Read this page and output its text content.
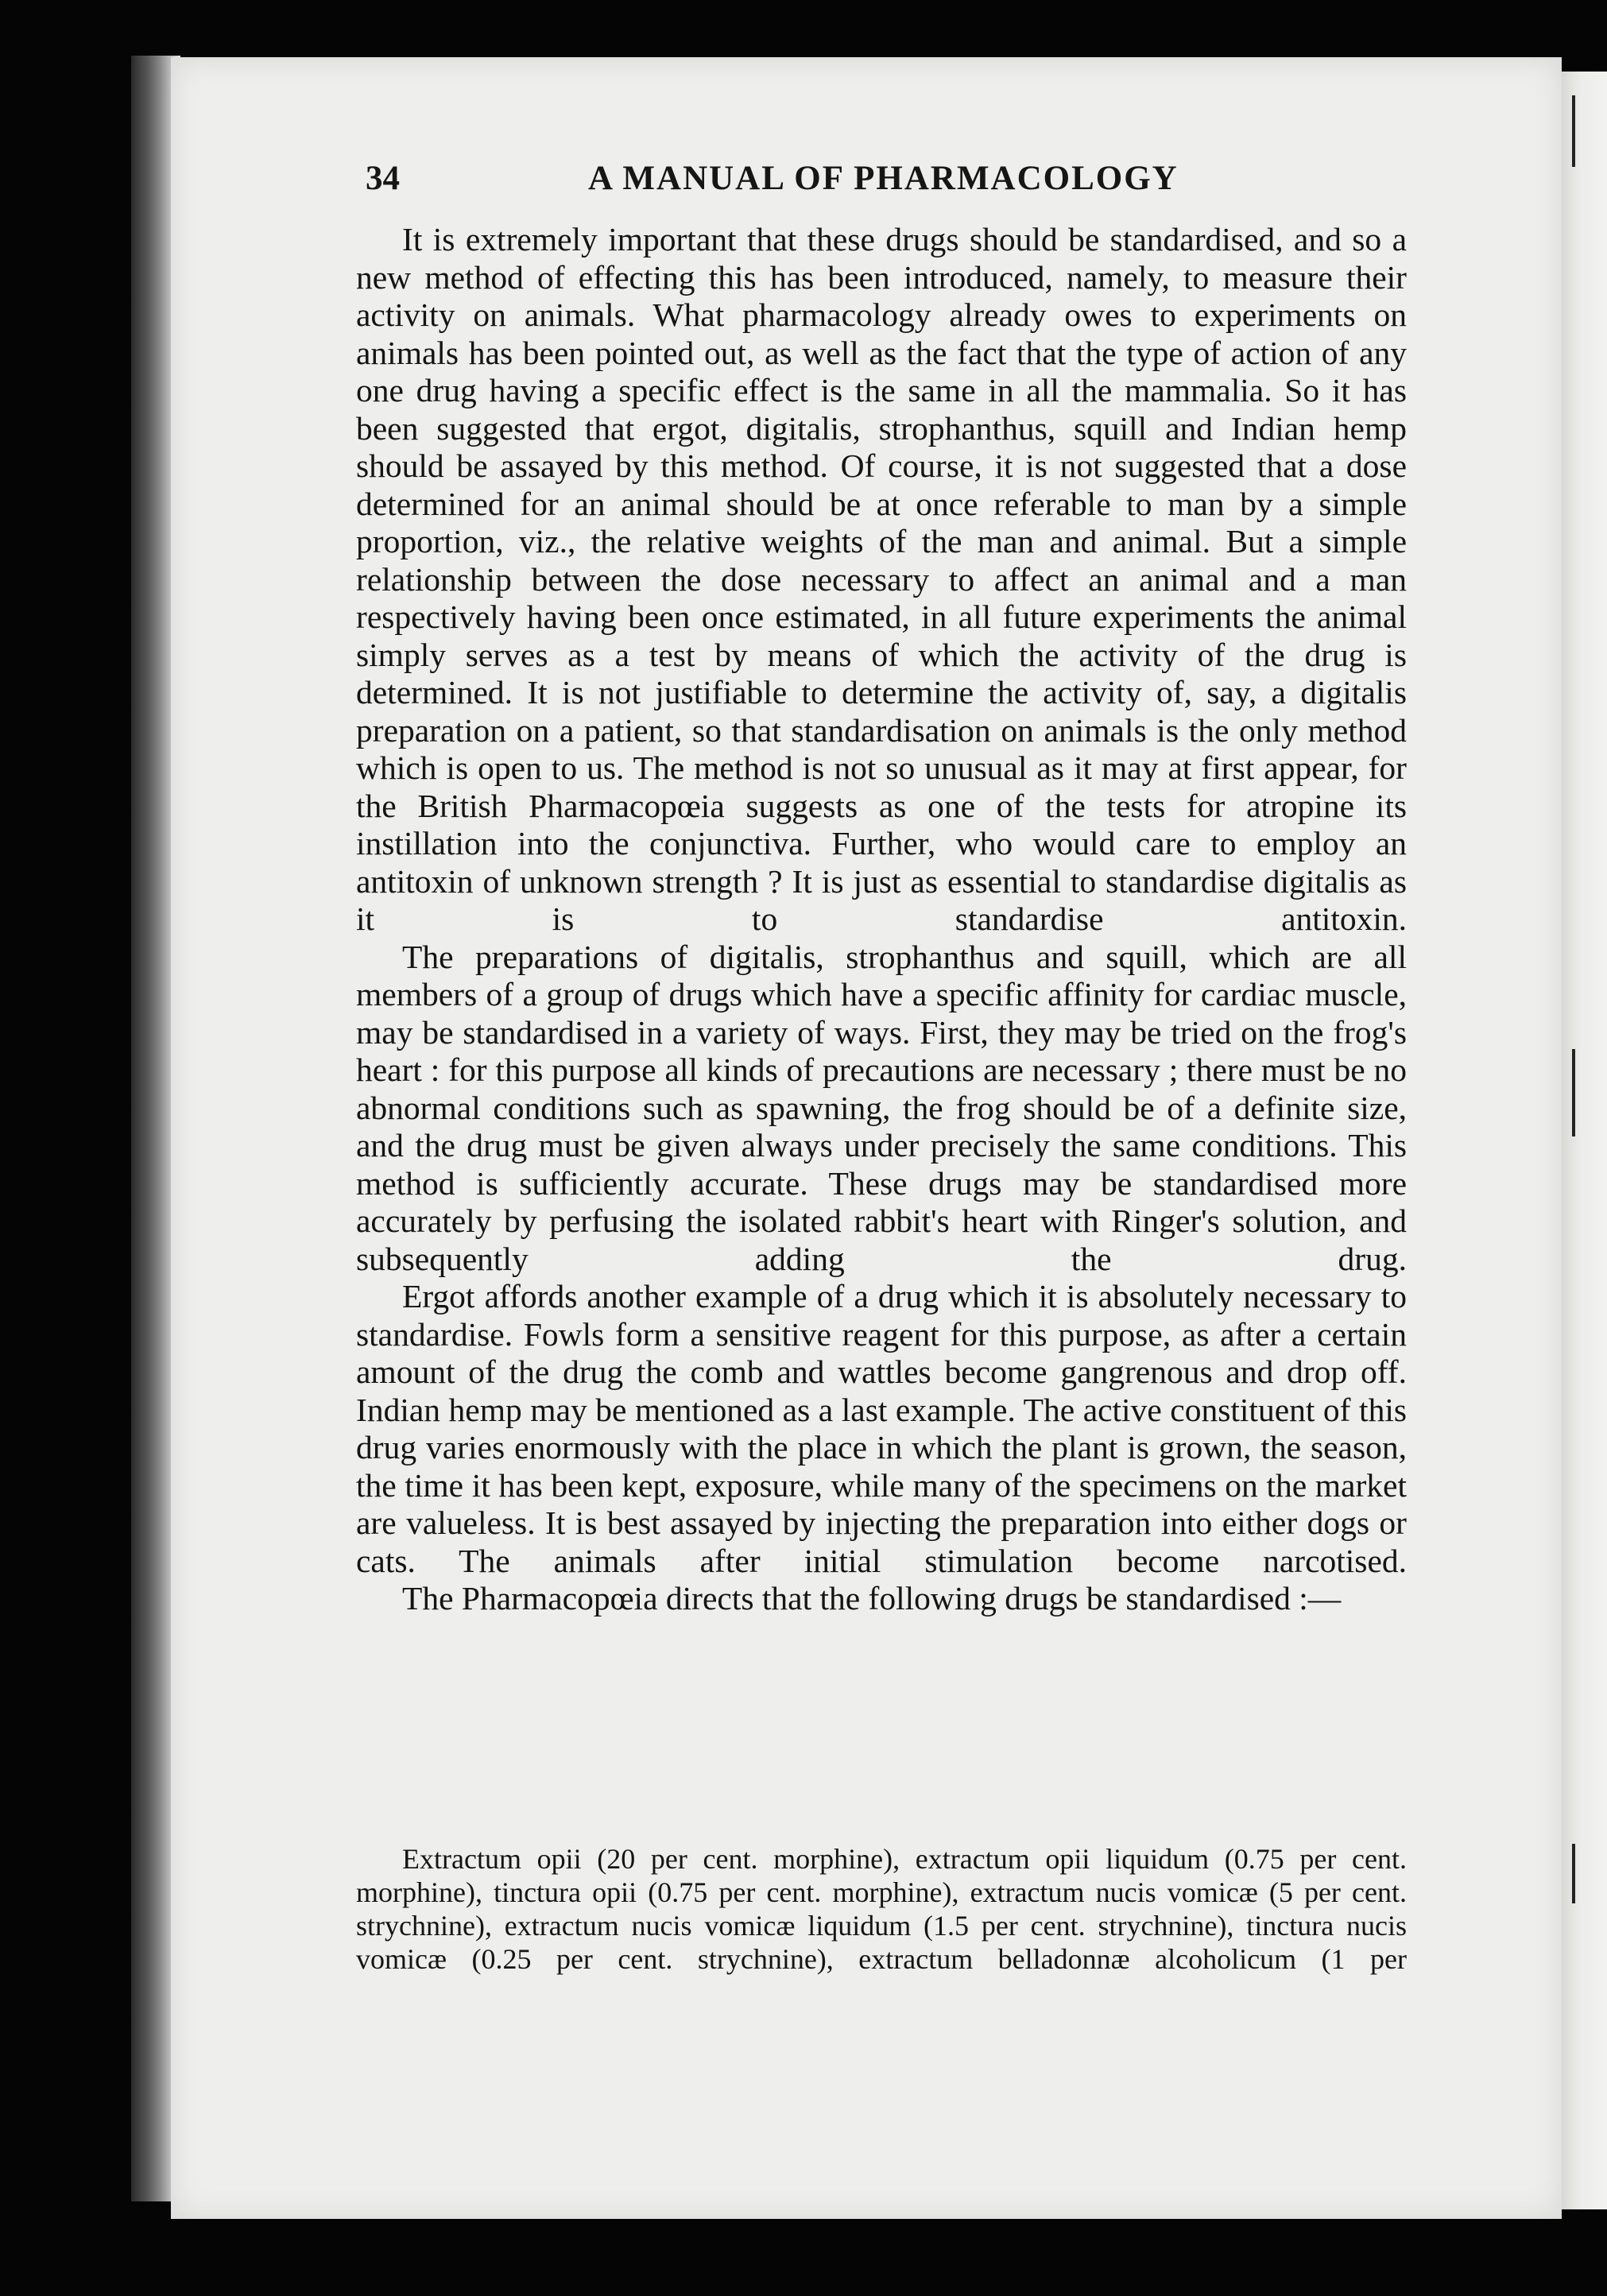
34	A MANUAL OF PHARMACOLOGY

It is extremely important that these drugs should be standardised, and so a new method of effecting this has been introduced, namely, to measure their activity on animals. What pharmacology already owes to experiments on animals has been pointed out, as well as the fact that the type of action of any one drug having a specific effect is the same in all the mammalia. So it has been suggested that ergot, digitalis, strophanthus, squill and Indian hemp should be assayed by this method. Of course, it is not suggested that a dose determined for an animal should be at once referable to man by a simple proportion, viz., the relative weights of the man and animal. But a simple relationship between the dose necessary to affect an animal and a man respectively having been once estimated, in all future experiments the animal simply serves as a test by means of which the activity of the drug is determined. It is not justifiable to determine the activity of, say, a digitalis preparation on a patient, so that standardisation on animals is the only method which is open to us. The method is not so unusual as it may at first appear, for the British Pharmacopœia suggests as one of the tests for atropine its instillation into the conjunctiva. Further, who would care to employ an antitoxin of unknown strength ? It is just as essential to standardise digitalis as it is to standardise antitoxin.

The preparations of digitalis, strophanthus and squill, which are all members of a group of drugs which have a specific affinity for cardiac muscle, may be standardised in a variety of ways. First, they may be tried on the frog's heart : for this purpose all kinds of precautions are necessary ; there must be no abnormal conditions such as spawning, the frog should be of a definite size, and the drug must be given always under precisely the same conditions. This method is sufficiently accurate. These drugs may be standardised more accurately by perfusing the isolated rabbit's heart with Ringer's solution, and subsequently adding the drug.

Ergot affords another example of a drug which it is absolutely necessary to standardise. Fowls form a sensitive reagent for this purpose, as after a certain amount of the drug the comb and wattles become gangrenous and drop off. Indian hemp may be mentioned as a last example. The active constituent of this drug varies enormously with the place in which the plant is grown, the season, the time it has been kept, exposure, while many of the specimens on the market are valueless. It is best assayed by injecting the preparation into either dogs or cats. The animals after initial stimulation become narcotised.

The Pharmacopœia directs that the following drugs be standardised :—

Extractum opii (20 per cent. morphine), extractum opii liquidum (0.75 per cent. morphine), tinctura opii (0.75 per cent. morphine), extractum nucis vomicæ (5 per cent. strychnine), extractum nucis vomicæ liquidum (1.5 per cent. strychnine), tinctura nucis vomicæ (0.25 per cent. strychnine), extractum belladonnæ alcoholicum (1 per
